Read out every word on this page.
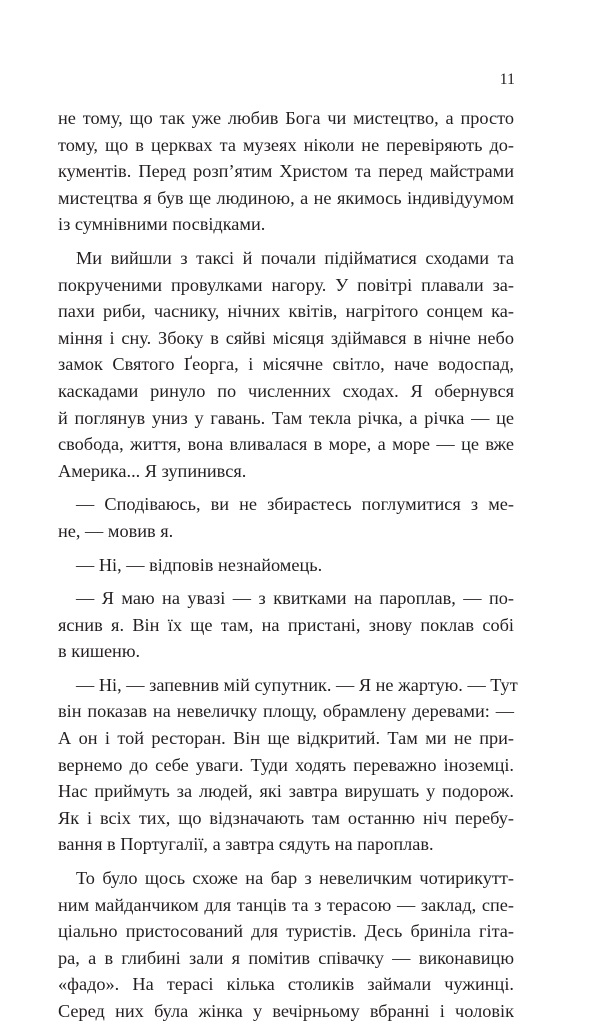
11
не тому, що так уже любив Бога чи мистецтво, а просто
тому, що в церквах та музеях ніколи не перевіряють до-
кументів. Перед розп’ятим Христом та перед майстрами
мистецтва я був ще людиною, а не якимось індивідуумом
із сумнівними посвідками.
Ми вийшли з таксі й почали підійматися сходами та
покрученими провулками нагору. У повітрі плавали за-
пахи риби, часнику, нічних квітів, нагрітого сонцем ка-
міння і сну. Збоку в сяйві місяця здіймався в нічне небо
замок Святого Ґеорга, і місячне світло, наче водоспад,
каскадами ринуло по численних сходах. Я обернувся
й поглянув униз у гавань. Там текла річка, а річка — це
свобода, життя, вона вливалася в море, а море — це вже
Америка... Я зупинився.
— Сподіваюсь, ви не збираєтесь поглумитися з ме-
не, — мовив я.
— Ні, — відповів незнайомець.
— Я маю на увазі — з квитками на пароплав, — по-
яснив я. Він їх ще там, на пристані, знову поклав собі
в кишеню.
— Ні, — запевнив мій супутник. — Я не жартую. — Тут
він показав на невеличку площу, обрамлену деревами: —
А он і той ресторан. Він ще відкритий. Там ми не при-
вернемо до себе уваги. Туди ходять переважно іноземці.
Нас приймуть за людей, які завтра вирушать у подорож.
Як і всіх тих, що відзначають там останню ніч перебу-
вання в Португалії, а завтра сядуть на пароплав.
То було щось схоже на бар з невеличким чотирикутт-
ним майданчиком для танців та з терасою — заклад, спе-
ціально пристосований для туристів. Десь бриніла гіта-
ра, а в глибині зали я помітив співачку — виконавицю
«фадо». На терасі кілька столиків займали чужинці.
Серед них була жінка у вечірньому вбранні і чоловік
